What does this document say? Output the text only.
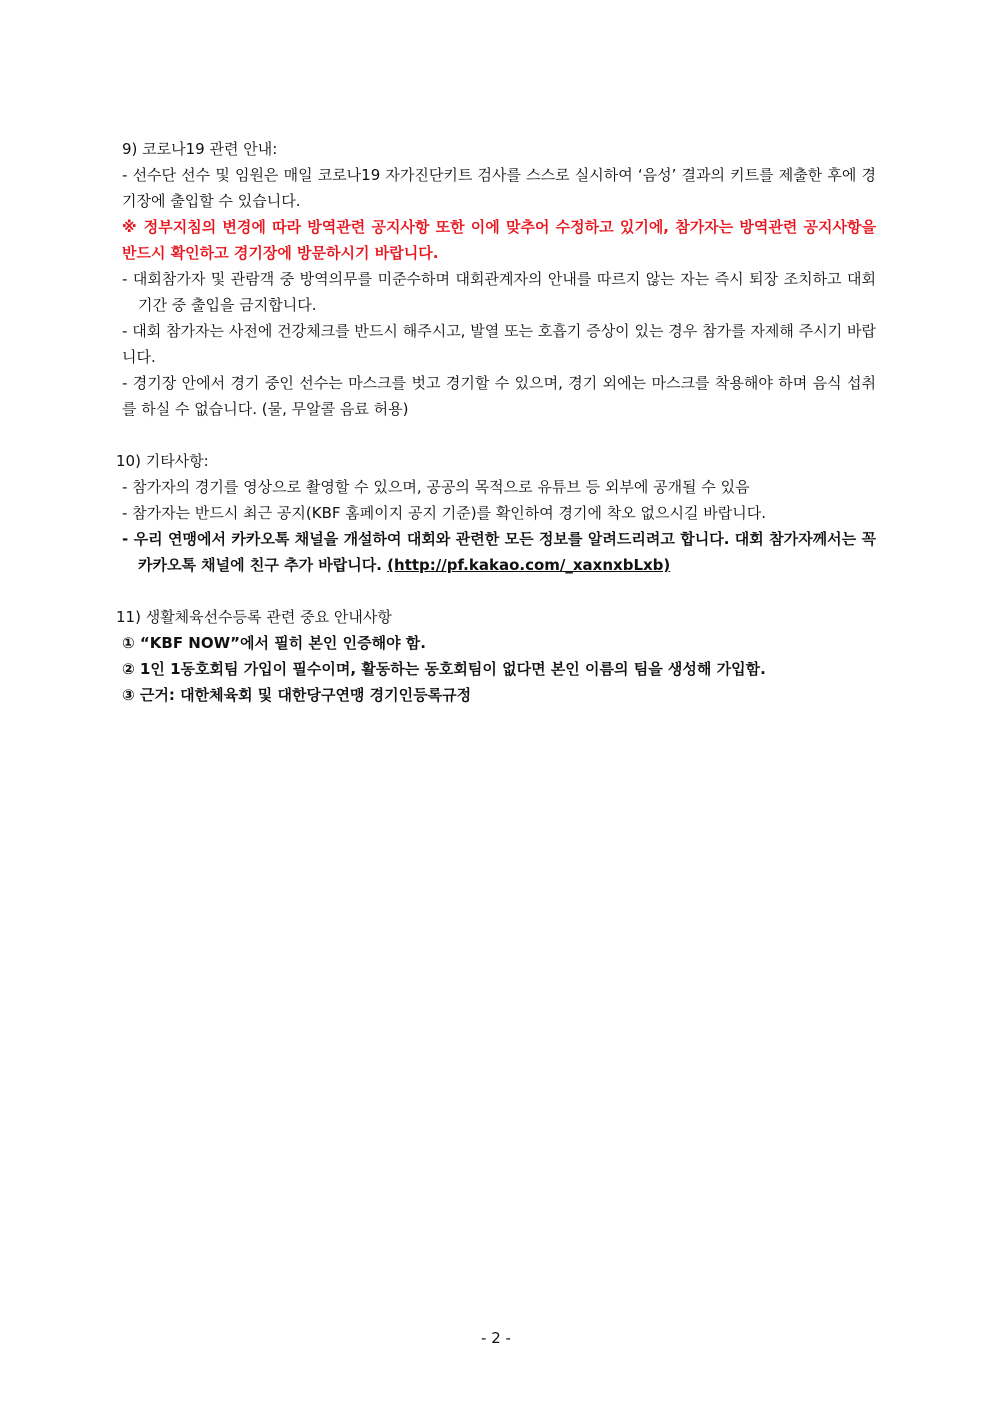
9) 코로나19 관련 안내:
- 선수단 선수 및 임원은 매일 코로나19 자가진단키트 검사를 스스로 실시하여 ‘음성’ 결과의 키트를 제출한 후에 경기장에 출입할 수 있습니다.
※ 정부지침의 변경에 따라 방역관련 공지사항 또한 이에 맞추어 수정하고 있기에, 참가자는 방역관련 공지사항을 반드시 확인하고 경기장에 방문하시기 바랍니다.
- 대회참가자 및 관람객 중 방역의무를 미준수하며 대회관계자의 안내를 따르지 않는 자는 즉시 퇴장 조치하고 대회기간 중 출입을 금지합니다.
- 대회 참가자는 사전에 건강체크를 반드시 해주시고, 발열 또는 호흡기 증상이 있는 경우 참가를 자제해 주시기 바랍니다.
- 경기장 안에서 경기 중인 선수는 마스크를 벗고 경기할 수 있으며, 경기 외에는 마스크를 착용해야 하며 음식 섭취를 하실 수 없습니다. (물, 무알콜 음료 허용)
10) 기타사항:
- 참가자의 경기를 영상으로 촬영할 수 있으며, 공공의 목적으로 유튜브 등 외부에 공개될 수 있음
- 참가자는 반드시 최근 공지(KBF 홈페이지 공지 기준)를 확인하여 경기에 착오 없으시길 바랍니다.
- 우리 연맹에서 카카오톡 채널을 개설하여 대회와 관련한 모든 정보를 알려드리려고 합니다. 대회 참가자께서는 꼭 카카오톡 채널에 친구 추가 바랍니다. (http://pf.kakao.com/_xaxnxbLxb)
11) 생활체육선수등록 관련 중요 안내사항
① “KBF NOW”에서 필히 본인 인증해야 함.
② 1인 1동호회팀 가입이 필수이며, 활동하는 동호회팀이 없다면 본인 이름의 팀을 생성해 가입함.
③ 근거: 대한체육회 및 대한당구연맹 경기인등록규정
- 2 -
